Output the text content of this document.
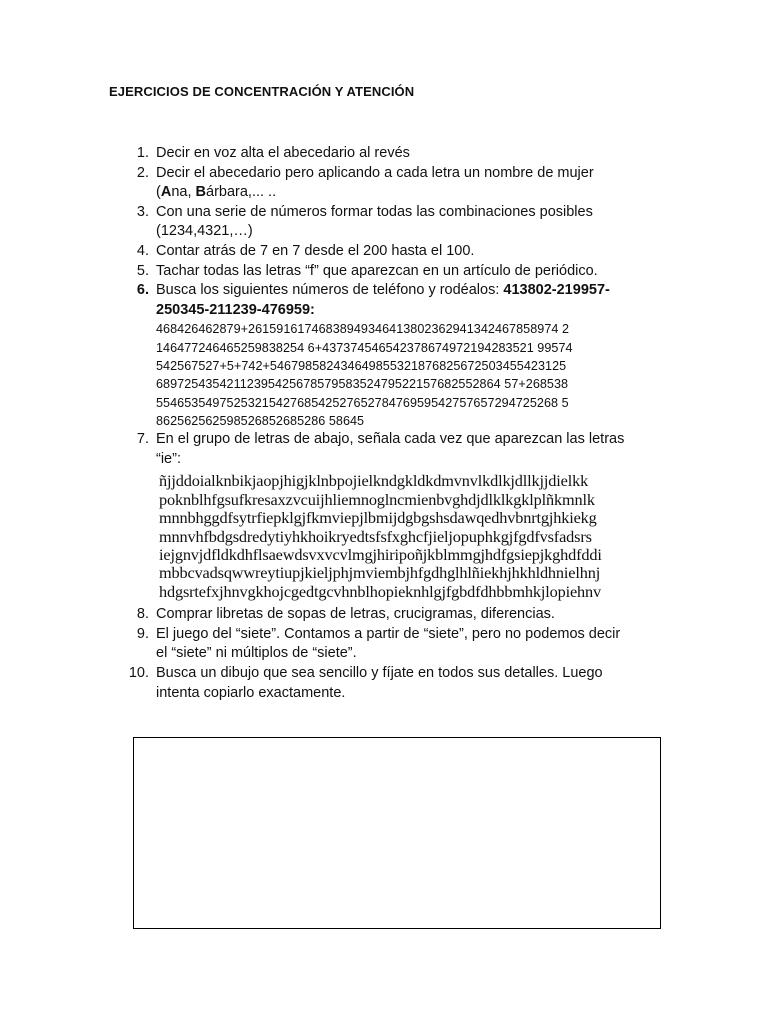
EJERCICIOS DE CONCENTRACIÓN Y ATENCIÓN
1. Decir en voz alta el abecedario al revés
2. Decir el abecedario pero aplicando a cada letra un nombre de mujer
(Ana, Bárbara,... ..
3. Con una serie de números formar todas las combinaciones posibles
(1234,4321,…)
4. Contar atrás de 7 en 7 desde el 200 hasta el 100.
5. Tachar todas las letras “f” que aparezcan en un artículo de periódico.
6. Busca los siguientes números de teléfono y rodéalos: 413802-219957-
250345-211239-476959:
468426462879+26159161746838949346413802362941342467858974 2
146477246465259838254 6+437374546542378674972194283521 99574
542567527+5+742+546798582434649855321876825672503455423125
6897254354211239542567857958352479522157682552864 57+268538
554653549752532154276854252765278476959542757657294725268 5
862562562598526852685286 58645
7. En el grupo de letras de abajo, señala cada vez que aparezcan las letras
“ie”:
ñjjddoialknbikjaopjhigjklnbpojielkndgkldkdmvnvlkdlkjdllkjjdielkk
poknblhfgsufkresaxzvcuijhliemnoglncmienbvghdjdlklkgklplñkmnlk
mnnbhggdfsytrfiepklgjfkmviepjlbmijdgbgshsdawqedhvbnrtgjhkiekg
mnnvhfbdgsdredytiyhkhoikryedtsfsfxghcfjieljopuphkgjfgdfvsfadsrs
iejgnvjdfldkdhflsaewdsvxvcvlmgjhiripoñjkblmmgjhdfgsiepjkghdfddi
mbbcvadsqwwreytiupjkieljphjmviembjhfgdhglhlñiekhjhkhldhnielhnj
hdgsrtefxjhnvgkhojcgedtgcvhnblhopieknhlgjfgbdfdhbbmhkjlopiehnv
8. Comprar libretas de sopas de letras, crucigramas, diferencias.
9. El juego del “siete”. Contamos a partir de “siete”, pero no podemos decir
el “siete” ni múltiplos de “siete”.
10. Busca un dibujo que sea sencillo y fíjate en todos sus detalles. Luego
intenta copiarlo exactamente.
